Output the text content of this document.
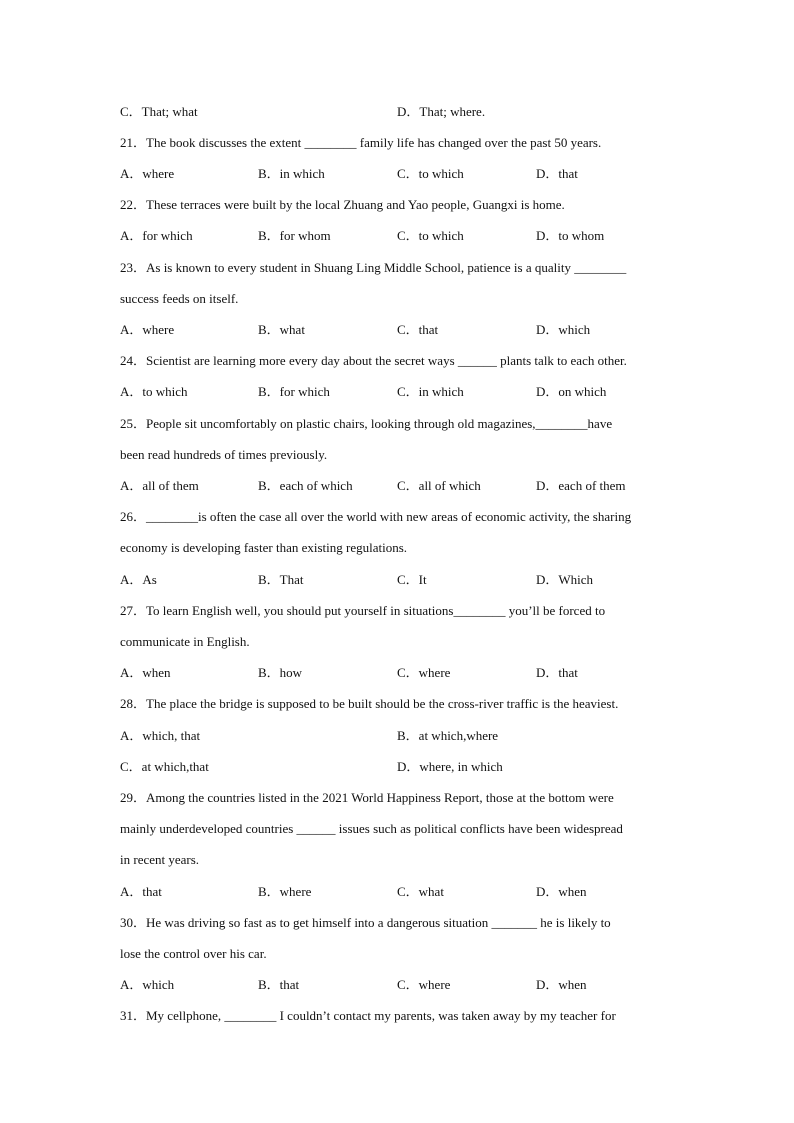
C．That; what	D．That; where.
21．The book discusses the extent ________ family life has changed over the past 50 years.
A．where	B．in which	C．to which	D．that
22．These terraces were built by the local Zhuang and Yao people, Guangxi is home.
A．for which	B．for whom	C．to which	D．to whom
23．As is known to every student in Shuang Ling Middle School, patience is a quality ________
success feeds on itself.
A．where	B．what	C．that	D．which
24．Scientist are learning more every day about the secret ways ______ plants talk to each other.
A．to which	B．for which	C．in which	D．on which
25．People sit uncomfortably on plastic chairs, looking through old magazines,________have
been read hundreds of times previously.
A．all of them	B．each of which	C．all of which	D．each of them
26．________is often the case all over the world with new areas of economic activity, the sharing
economy is developing faster than existing regulations.
A．As	B．That	C．It	D．Which
27．To learn English well, you should put yourself in situations________ you’ll be forced to
communicate in English.
A．when	B．how	C．where	D．that
28．The place the bridge is supposed to be built should be the cross-river traffic is the heaviest.
A．which, that	B．at which,where
C．at which,that	D．where, in which
29．Among the countries listed in the 2021 World Happiness Report, those at the bottom were
mainly underdeveloped countries ______ issues such as political conflicts have been widespread
in recent years.
A．that	B．where	C．what	D．when
30．He was driving so fast as to get himself into a dangerous situation _______ he is likely to
lose the control over his car.
A．which	B．that	C．where	D．when
31．My cellphone, ________ I couldn’t contact my parents, was taken away by my teacher for
